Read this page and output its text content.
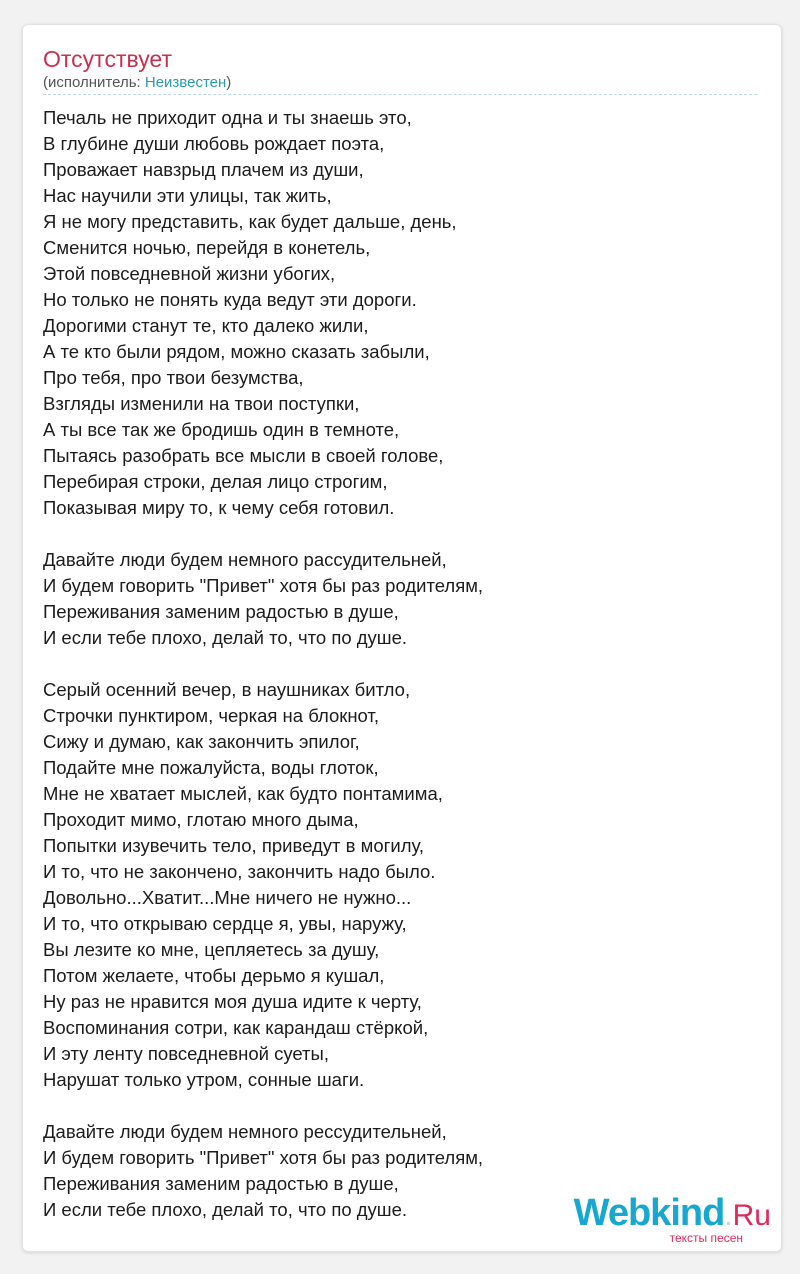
Отсутствует
(исполнитель: Неизвестен)
Печаль не приходит одна и ты знаешь это,
В глубине души любовь рождает поэта,
Проважает навзрыд плачем из души,
Нас научили эти улицы, так жить,
Я не могу представить, как будет дальше, день,
Сменится ночью, перейдя в конетель,
Этой повседневной жизни убогих,
Но только не понять куда ведут эти дороги.
Дорогими станут те, кто далеко жили,
А те кто были рядом, можно сказать забыли,
Про тебя, про твои безумства,
Взгляды изменили на твои поступки,
А ты все так же бродишь один в темноте,
Пытаясь разобрать все мысли в своей голове,
Перебирая строки, делая лицо строгим,
Показывая миру то, к чему себя готовил.
Давайте люди будем немного рассудительней,
И будем говорить "Привет" хотя бы раз родителям,
Переживания заменим радостью в душе,
И если тебе плохо, делай то, что по душе.
Серый осенний вечер, в наушниках битло,
Строчки пунктиром, черкая на блокнот,
Сижу и думаю, как закончить эпилог,
Подайте мне пожалуйста, воды глоток,
Мне не хватает мыслей, как будто понтамима,
Проходит мимо, глотаю много дыма,
Попытки изувечить тело, приведут в могилу,
И то, что не закончено, закончить надо было.
Довольно...Хватит...Мне ничего не нужно...
И то, что открываю сердце я, увы, наружу,
Вы лезите ко мне, цепляетесь за душу,
Потом желаете, чтобы дерьмо я кушал,
Ну раз не нравится моя душа идите к черту,
Воспоминания сотри, как карандаш стёркой,
И эту ленту повседневной суеты,
Нарушат только утром, сонные шаги.
Давайте люди будем немного рессудительней,
И будем говорить "Привет" хотя бы раз родителям,
Переживания заменим радостью в душе,
И если тебе плохо, делай то, что по душе.	Webkind.Ru
тексты песен
